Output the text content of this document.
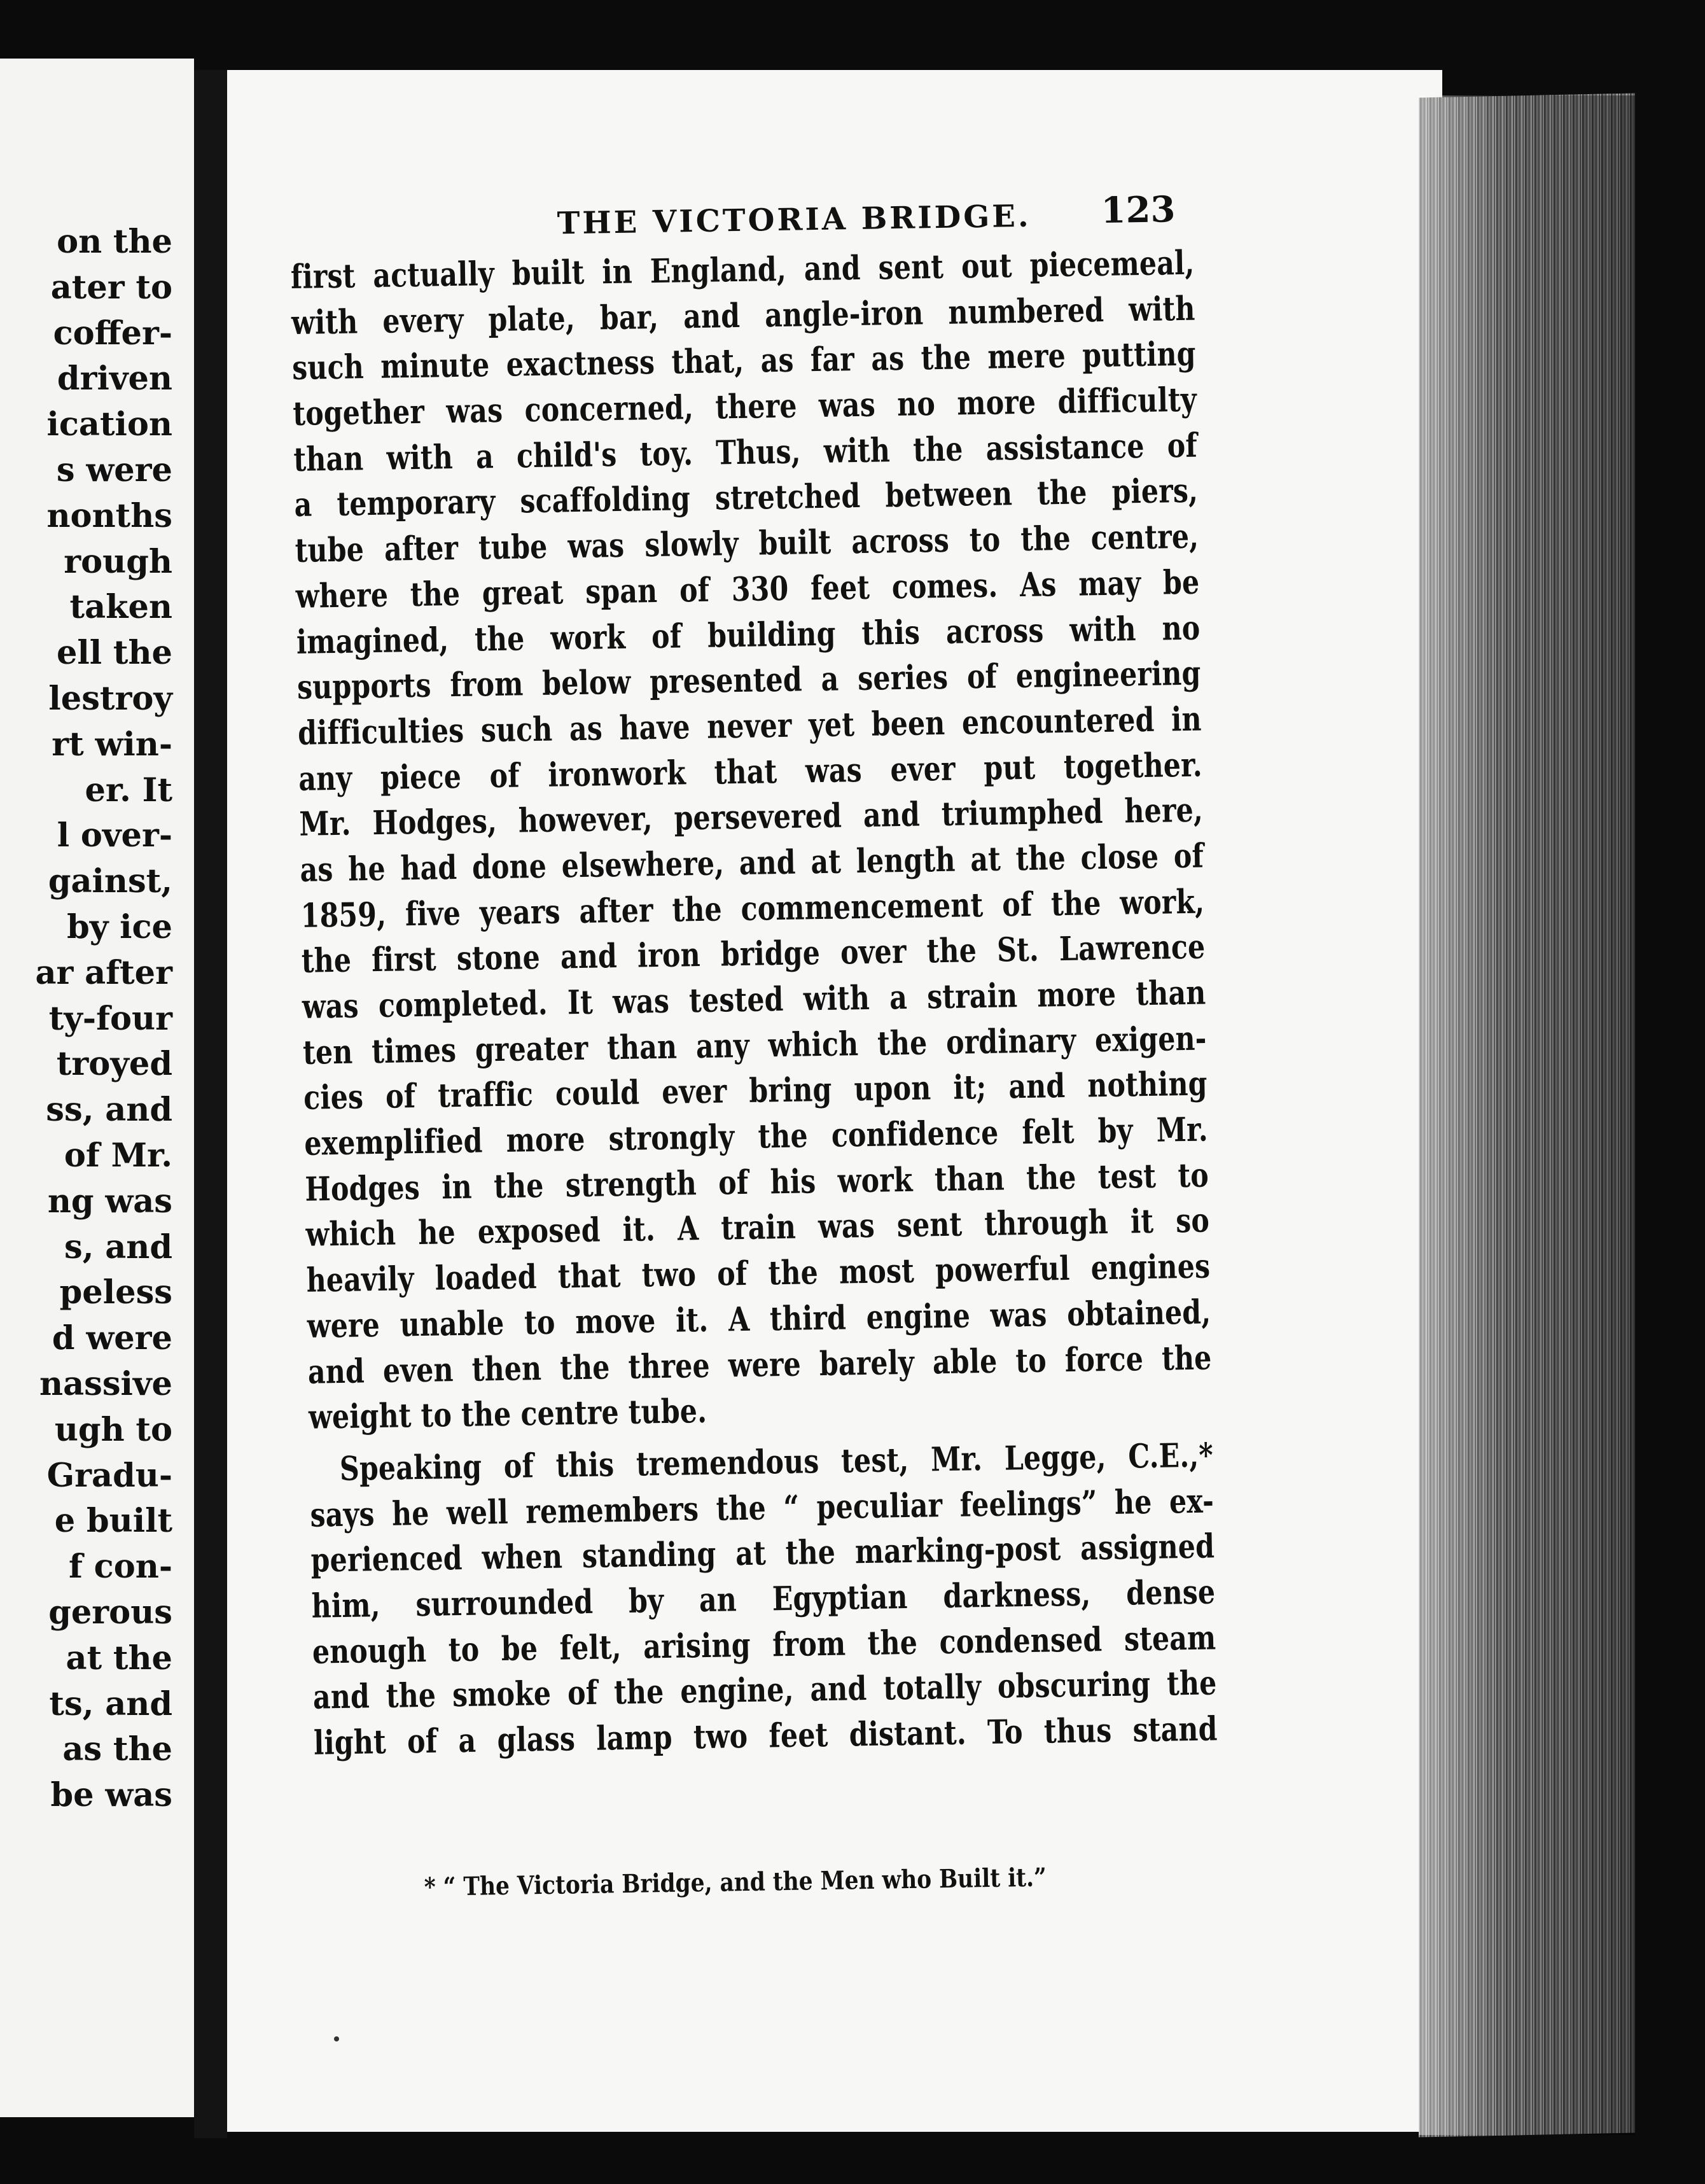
on the
ater to
coffer-
driven
ication
s were
nonths
rough
taken
ell the
lestroy
rt win-
er. It
l over-
gainst,
by ice
ar after
ty-four
troyed
ss, and
of Mr.
ng was
s, and
peless
d were
nassive
ugh to
Gradu-
e built
f con-
gerous
at the
ts, and
as the
be was
THE VICTORIA BRIDGE. 123
first actually built in England, and sent out piecemeal,
with every plate, bar, and angle-iron numbered with
such minute exactness that, as far as the mere putting
together was concerned, there was no more difficulty
than with a child's toy. Thus, with the assistance of
a temporary scaffolding stretched between the piers,
tube after tube was slowly built across to the centre,
where the great span of 330 feet comes. As may be
imagined, the work of building this across with no
supports from below presented a series of engineering
difficulties such as have never yet been encountered in
any piece of ironwork that was ever put together.
Mr. Hodges, however, persevered and triumphed here,
as he had done elsewhere, and at length at the close of
1859, five years after the commencement of the work,
the first stone and iron bridge over the St. Lawrence
was completed. It was tested with a strain more than
ten times greater than any which the ordinary exigen-
cies of traffic could ever bring upon it; and nothing
exemplified more strongly the confidence felt by Mr.
Hodges in the strength of his work than the test to
which he exposed it. A train was sent through it so
heavily loaded that two of the most powerful engines
were unable to move it. A third engine was obtained,
and even then the three were barely able to force the
weight to the centre tube.
Speaking of this tremendous test, Mr. Legge, C.E.,*
says he well remembers the “ peculiar feelings” he ex-
perienced when standing at the marking-post assigned
him, surrounded by an Egyptian darkness, dense
enough to be felt, arising from the condensed steam
and the smoke of the engine, and totally obscuring the
light of a glass lamp two feet distant. To thus stand
* “ The Victoria Bridge, and the Men who Built it.”
